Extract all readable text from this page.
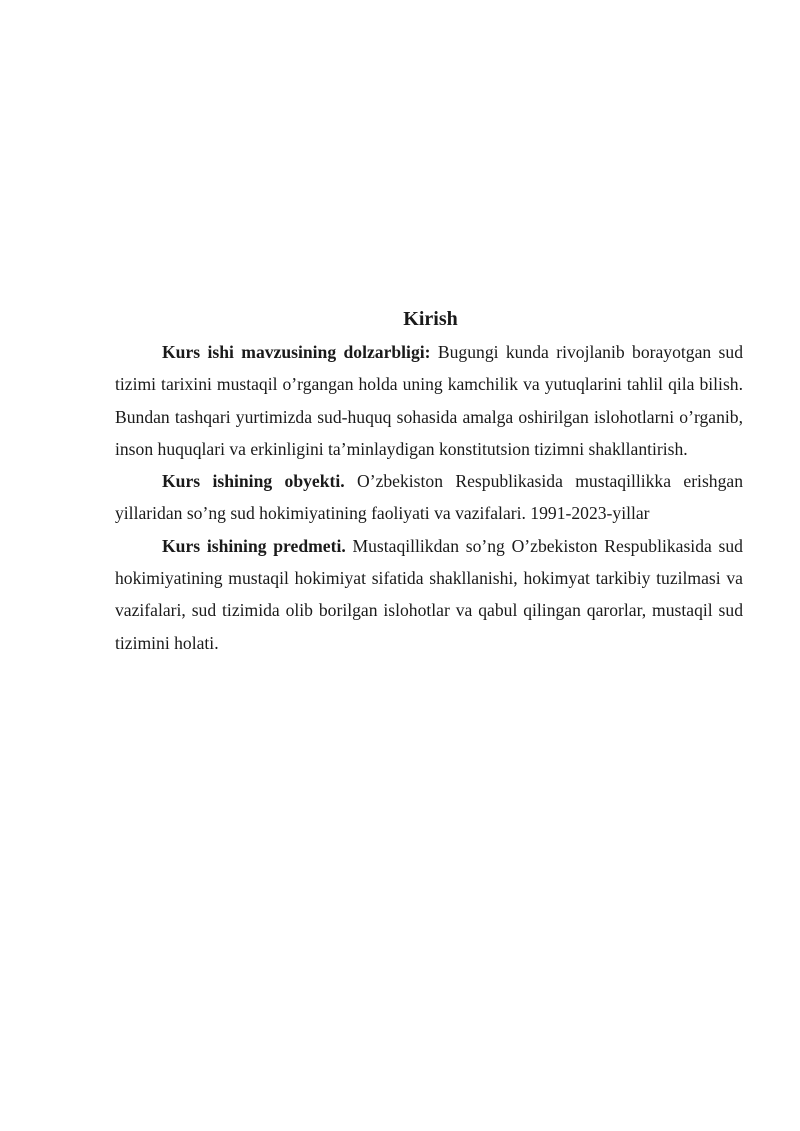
Kirish

Kurs ishi mavzusining dolzarbligi: Bugungi kunda rivojlanib borayotgan sud tizimi tarixini mustaqil o’rgangan holda uning kamchilik va yutuqlarini tahlil qila bilish. Bundan tashqari yurtimizda sud-huquq sohasida amalga oshirilgan islohotlarni o’rganib, inson huquqlari va erkinligini ta’minlaydigan konstitutsion tizimni shakllantirish.

Kurs ishining obyekti. O’zbekiston Respublikasida mustaqillikka erishgan yillaridan so’ng sud hokimiyatining faoliyati va vazifalari. 1991-2023-yillar

Kurs ishining predmeti. Mustaqillikdan so’ng O’zbekiston Respublikasida sud hokimiyatining mustaqil hokimiyat sifatida shakllanishi, hokimyat tarkibiy tuzilmasi va vazifalari, sud tizimida olib borilgan islohotlar va qabul qilingan qarorlar, mustaqil sud tizimini holati.
